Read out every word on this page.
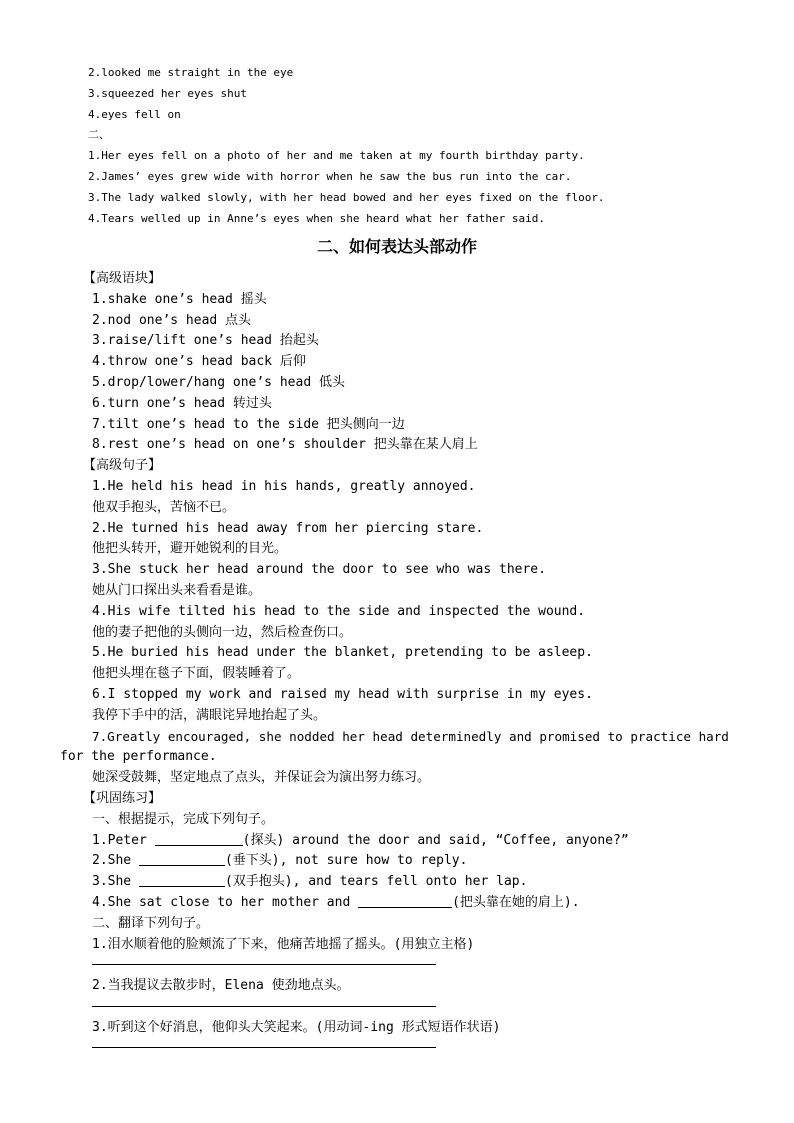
2.looked me straight in the eye
3.squeezed her eyes shut
4.eyes fell on
二、
1.Her eyes fell on a photo of her and me taken at my fourth birthday party.
2.James’ eyes grew wide with horror when he saw the bus run into the car.
3.The lady walked slowly, with her head bowed and her eyes fixed on the floor.
4.Tears welled up in Anne’s eyes when she heard what her father said.
二、如何表达头部动作
【高级语块】
1.shake one’s head 摇头
2.nod one’s head 点头
3.raise/lift one’s head 抬起头
4.throw one’s head back 后仰
5.drop/lower/hang one’s head 低头
6.turn one’s head 转过头
7.tilt one’s head to the side 把头侧向一边
8.rest one’s head on one’s shoulder 把头靠在某人肩上
【高级句子】
1.He held his head in his hands, greatly annoyed.
他双手抱头，苦恼不已。
2.He turned his head away from her piercing stare.
他把头转开，避开她锐利的目光。
3.She stuck her head around the door to see who was there.
她从门口探出头来看看是谁。
4.His wife tilted his head to the side and inspected the wound.
他的妻子把他的头侧向一边，然后检查伤口。
5.He buried his head under the blanket, pretending to be asleep.
他把头埋在毯子下面，假装睡着了。
6.I stopped my work and raised my head with surprise in my eyes.
我停下手中的活，满眼诧异地抬起了头。
7.Greatly encouraged, she nodded her head determinedly and promised to practice hard
for the performance.
她深受鼓舞，坚定地点了点头，并保证会为演出努力练习。
【巩固练习】
一、根据提示，完成下列句子。
1.Peter	(探头) around the door and said, “Coffee, anyone?”
2.She	(垂下头), not sure how to reply.
3.She	(双手抱头), and tears fell onto her lap.
4.She sat close to her mother and	(把头靠在她的肩上).
二、翻译下列句子。
1.泪水顺着他的脸颊流了下来，他痛苦地摇了摇头。(用独立主格)
2.当我提议去散步时，Elena 使劲地点头。
3.听到这个好消息，他仰头大笑起来。(用动词-ing 形式短语作状语)
